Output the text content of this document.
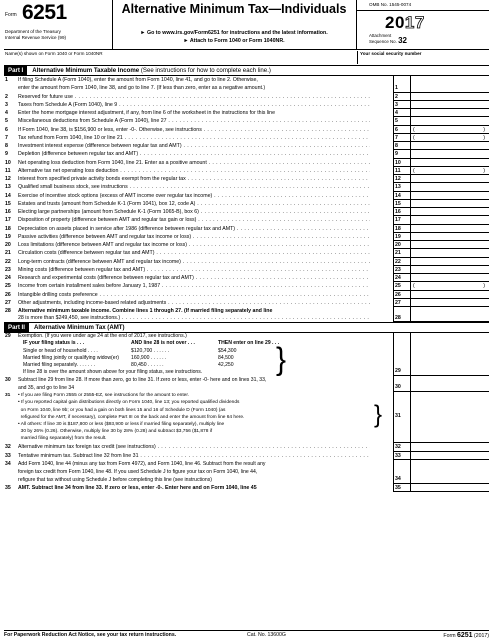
Form 6251
Department of the Treasury
Internal Revenue Service (99)
Alternative Minimum Tax—Individuals
► Go to www.irs.gov/Form6251 for instructions and the latest information.
► Attach to Form 1040 or Form 1040NR.
OMB No. 1545-0074
2017
Attachment
Sequence No. 32
Name(s) shown on Form 1040 or Form 1040NR	Your social security number
Part I	Alternative Minimum Taxable Income
(See instructions for how to complete each line.)
1	If filing Schedule A (Form 1040), enter the amount from Form 1040, line 41, and go to line 2. Otherwise,
enter the amount from Form 1040, line 38, and go to line 7. (If less than zero, enter as a negative amount.)	1
2	Reserved for future use . . .	2
3	Taxes from Schedule A (Form 1040), line 9 . . .	3
4	Enter the home mortgage interest adjustment, if any, from line 6 of the worksheet in the instructions for this line	4
5	Miscellaneous deductions from Schedule A (Form 1040), line 27 . . .	5
6	If Form 1040, line 38, is $156,900 or less, enter -0-. Otherwise, see instructions . . .	6	(	)
7	Tax refund from Form 1040, line 10 or line 21 . . .	7	(	)
8	Investment interest expense (difference between regular tax and AMT) . . .	8
9	Depletion (difference between regular tax and AMT) . . .	9
10	Net operating loss deduction from Form 1040, line 21. Enter as a positive amount . . .	10
11	Alternative tax net operating loss deduction . . .	11	(	)
12	Interest from specified private activity bonds exempt from the regular tax . . .	12
13	Qualified small business stock, see instructions . . .	13
14	Exercise of incentive stock options (excess of AMT income over regular tax income) . . .	14
15	Estates and trusts (amount from Schedule K-1 (Form 1041), box 12, code A) . . .	15
16	Electing large partnerships (amount from Schedule K-1 (Form 1065-B), box 6) . . .	16
17	Disposition of property (difference between AMT and regular tax gain or loss) . . .	17
18	Depreciation on assets placed in service after 1986 (difference between regular tax and AMT) . . .	18
19	Passive activities (difference between AMT and regular tax income or loss) . . .	19
20	Loss limitations (difference between AMT and regular tax income or loss) . . .	20
21	Circulation costs (difference between regular tax and AMT) . . .	21
22	Long-term contracts (difference between AMT and regular tax income) . . .	22
23	Mining costs (difference between regular tax and AMT) . . .	23
24	Research and experimental costs (difference between regular tax and AMT) . . .	24
25	Income from certain installment sales before January 1, 1987 . . .	25	(	)
26	Intangible drilling costs preference . . .	26
27	Other adjustments, including income-based related adjustments . . .	27
28	Alternative minimum taxable income. Combine lines 1 through 27. (If married filing separately and line
28 is more than $249,450, see instructions.) . . .	28
Part II	Alternative Minimum Tax (AMT)
29 Exemption. (If you were under age 24 at the end of 2017, see instructions.)
IF your filing status is . . .	AND line 28 is not over . . .	THEN enter on line 29 . . .
Single or head of household . . . .	$120,700 . . . . . .	$54,300
Married filing jointly or qualifying widow(er) 160,900 . . . . . .	84,500
Married filing separately. . . . . . .	80,450 . . . . . .	42,250 }
If line 28 is over the amount shown above for your filing status, see instructions.	29
30 Subtract line 29 from line 28. If more than zero, go to line 31. If zero or less, enter -0- here and on lines 31, 33,
and 35, and go to line 34	30
31 • If you are filing Form 2555 or 2555-EZ, see instructions for the amount to enter.
• If you reported capital gain distributions directly on Form 1040, line 13; you reported qualified dividends
on Form 1040, line 9b; or you had a gain on both lines 15 and 16 of Schedule D (Form 1040) (as
refigured for the AMT, if necessary), complete Part III on the back and enter the amount from line 64 here.
• All others: If line 30 is $187,800 or less ($93,900 or less if married filing separately), multiply line
30 by 26% (0.26). Otherwise, multiply line 30 by 28% (0.28) and subtract $3,756 ($1,878 if
married filing separately) from the result.
}	31
32	Alternative minimum tax foreign tax credit (see instructions) . . .	32
33	Tentative minimum tax. Subtract line 32 from line 31 . . .	33
34 Add Form 1040, line 44 (minus any tax from Form 4972), and Form 1040, line 46. Subtract from the result any
foreign tax credit from Form 1040, line 48. If you used Schedule J to figure your tax on Form 1040, line 44,
refigure that tax without using Schedule J before completing this line (see instructions)	34
35	AMT. Subtract line 34 from line 33. If zero or less, enter -0-. Enter here and on Form 1040, line 45	35
For Paperwork Reduction Act Notice, see your tax return instructions.	Cat. No. 13600G	Form 6251 (2017)
